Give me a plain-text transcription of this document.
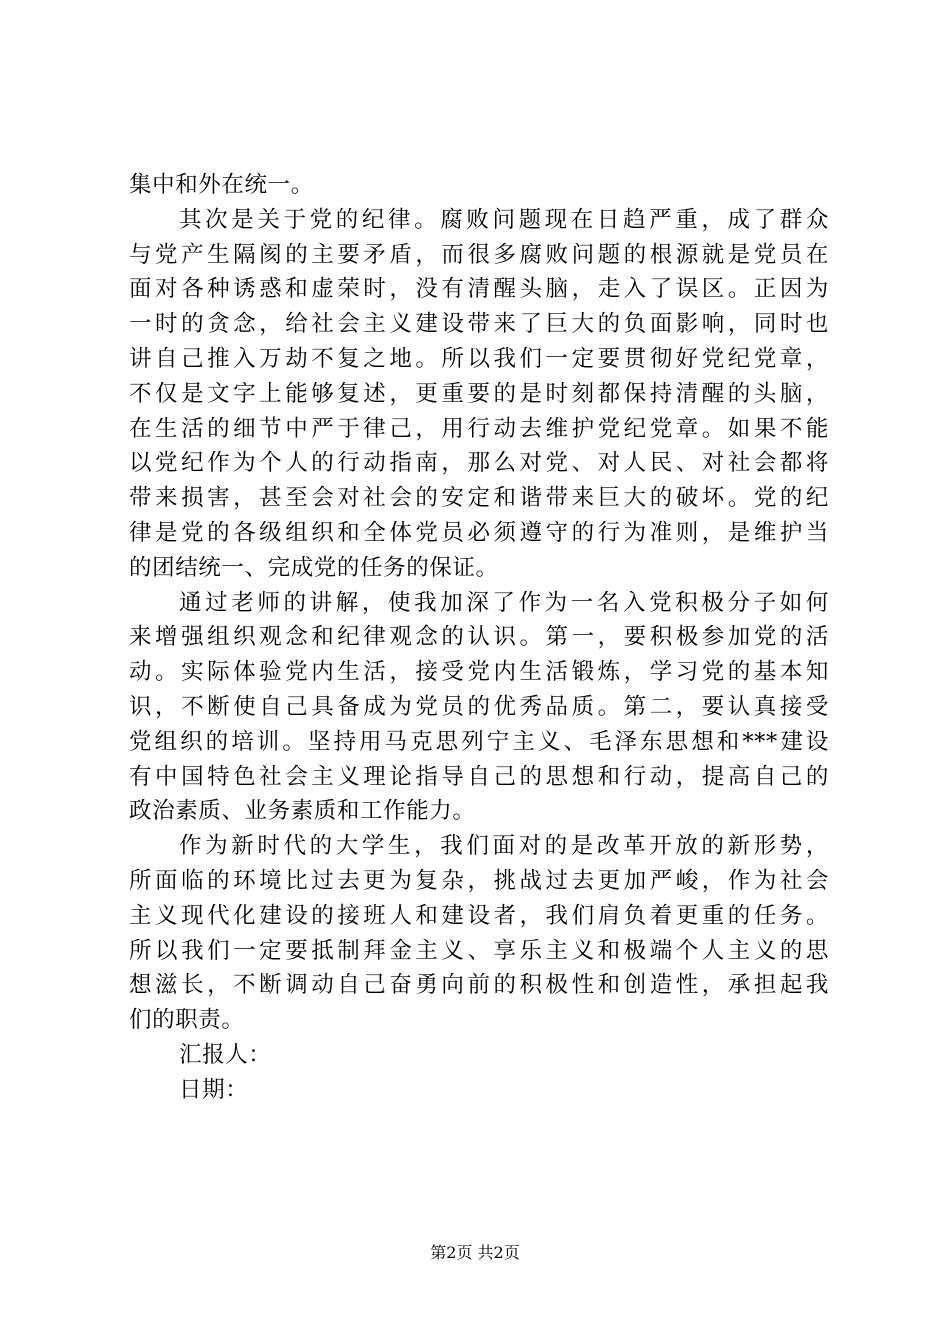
集中和外在统一。
其次是关于党的纪律。腐败问题现在日趋严重，成了群众
与党产生隔阂的主要矛盾，而很多腐败问题的根源就是党员在
面对各种诱惑和虚荣时，没有清醒头脑，走入了误区。正因为
一时的贪念，给社会主义建设带来了巨大的负面影响，同时也
讲自己推入万劫不复之地。所以我们一定要贯彻好党纪党章，
不仅是文字上能够复述，更重要的是时刻都保持清醒的头脑，
在生活的细节中严于律己，用行动去维护党纪党章。如果不能
以党纪作为个人的行动指南，那么对党、对人民、对社会都将
带来损害，甚至会对社会的安定和谐带来巨大的破坏。党的纪
律是党的各级组织和全体党员必须遵守的行为准则，是维护当
的团结统一、完成党的任务的保证。
通过老师的讲解，使我加深了作为一名入党积极分子如何
来增强组织观念和纪律观念的认识。第一，要积极参加党的活
动。实际体验党内生活，接受党内生活锻炼，学习党的基本知
识，不断使自己具备成为党员的优秀品质。第二，要认真接受
党组织的培训。坚持用马克思列宁主义、毛泽东思想和***建设
有中国特色社会主义理论指导自己的思想和行动，提高自己的
政治素质、业务素质和工作能力。
作为新时代的大学生，我们面对的是改革开放的新形势，
所面临的环境比过去更为复杂，挑战过去更加严峻，作为社会
主义现代化建设的接班人和建设者，我们肩负着更重的任务。
所以我们一定要抵制拜金主义、享乐主义和极端个人主义的思
想滋长，不断调动自己奋勇向前的积极性和创造性，承担起我
们的职责。
汇报人：
日期：
第2页 共2页
